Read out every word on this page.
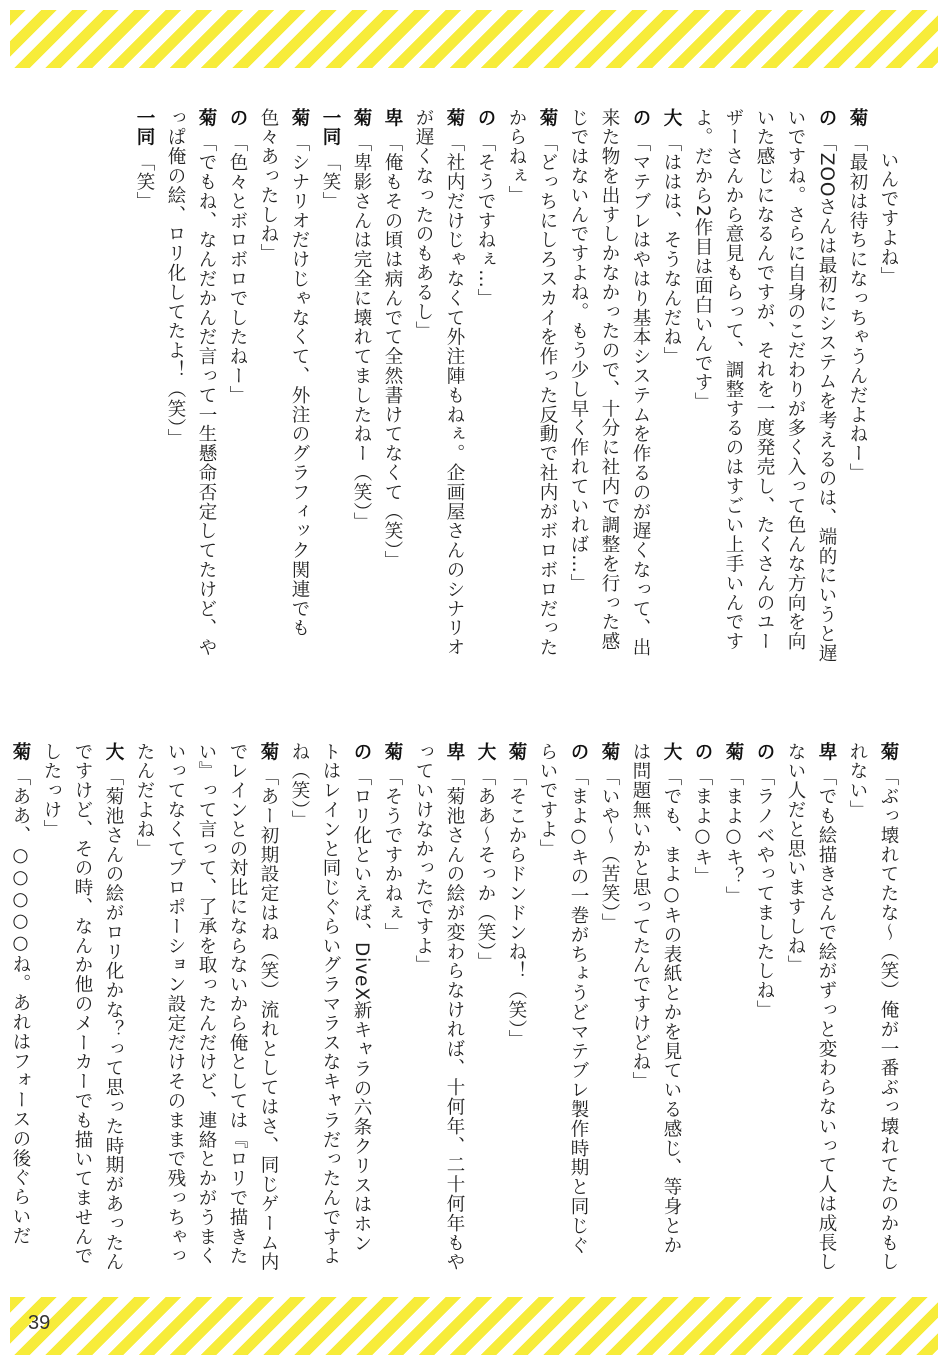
いんですよね」

菊「最初は待ちになっちゃうんだよねー」

の「ZOOさんは最初にシステムを考えるのは、端的にいうと遅いですね。さらに自身のこだわりが多く入って色んな方向を向いた感じになるんですが、それを一度発売し、たくさんのユーザーさんから意見もらって、調整するのはすごい上手いんですよ。だから2作目は面白いんです」

大「ははは、そうなんだね」

の「マテブレはやはり基本システムを作るのが遅くなって、出来た物を出すしかなかったので、十分に社内で調整を行った感じではないんですよね。もう少し早く作れていれば…」

菊「どっちにしろスカイを作った反動で社内がボロボロだったからねぇ」

の「そうですねぇ…」

菊「社内だけじゃなくて外注陣もねぇ。企画屋さんのシナリオが遅くなったのもあるし」

卑「俺もその頃は病んでて全然書けてなくて（笑）」

菊「卑影さんは完全に壊れてましたねー（笑）」

一同「笑」

菊「シナリオだけじゃなくて、外注のグラフィック関連でも色々あったしね」

の「色々とボロボロでしたねー」

菊「でもね、なんだかんだ言って一生懸命否定してたけど、やっぱ俺の絵、ロリ化してたよ！（笑）」

一同「笑」

菊「ぶっ壊れてたな〜（笑）俺が一番ぶっ壊れてたのかもしれない」

卑「でも絵描きさんで絵がずっと変わらないって人は成長しない人だと思いますしね」

の「ラノベやってましたしね」

菊「まよ○キ？」

の「まよ○キ」

大「でも、まよ○キの表紙とかを見ている感じ、等身とかは問題無いかと思ってたんですけどね」

菊「いや〜（苦笑）」

の「まよ○キの一巻がちょうどマテブレ製作時期と同じぐらいですよ」

菊「そこからドンドンね！（笑）」

大「ああ〜そっか（笑）」

卑「菊池さんの絵が変わらなければ、十何年、二十何年もやっていけなかったですよ」

菊「そうですかねぇ」

の「ロリ化といえば、DiveX新キャラの六条クリスはホントはレインと同じぐらいグラマラスなキャラだったんですよね（笑）」

菊「あー初期設定はね（笑）流れとしてはさ、同じゲーム内でレインとの対比にならないから俺としては『ロリで描きたい』って言って、了承を取ったんだけど、連絡とかがうまくいってなくてプロポーション設定だけそのままで残っちゃったんだよね」

大「菊池さんの絵がロリ化かな？って思った時期があったんですけど、その時、なんか他のメーカーでも描いてませんでしたっけ」

菊「ああ、○○○○○ね。あれはフォースの後ぐらいだ

39
